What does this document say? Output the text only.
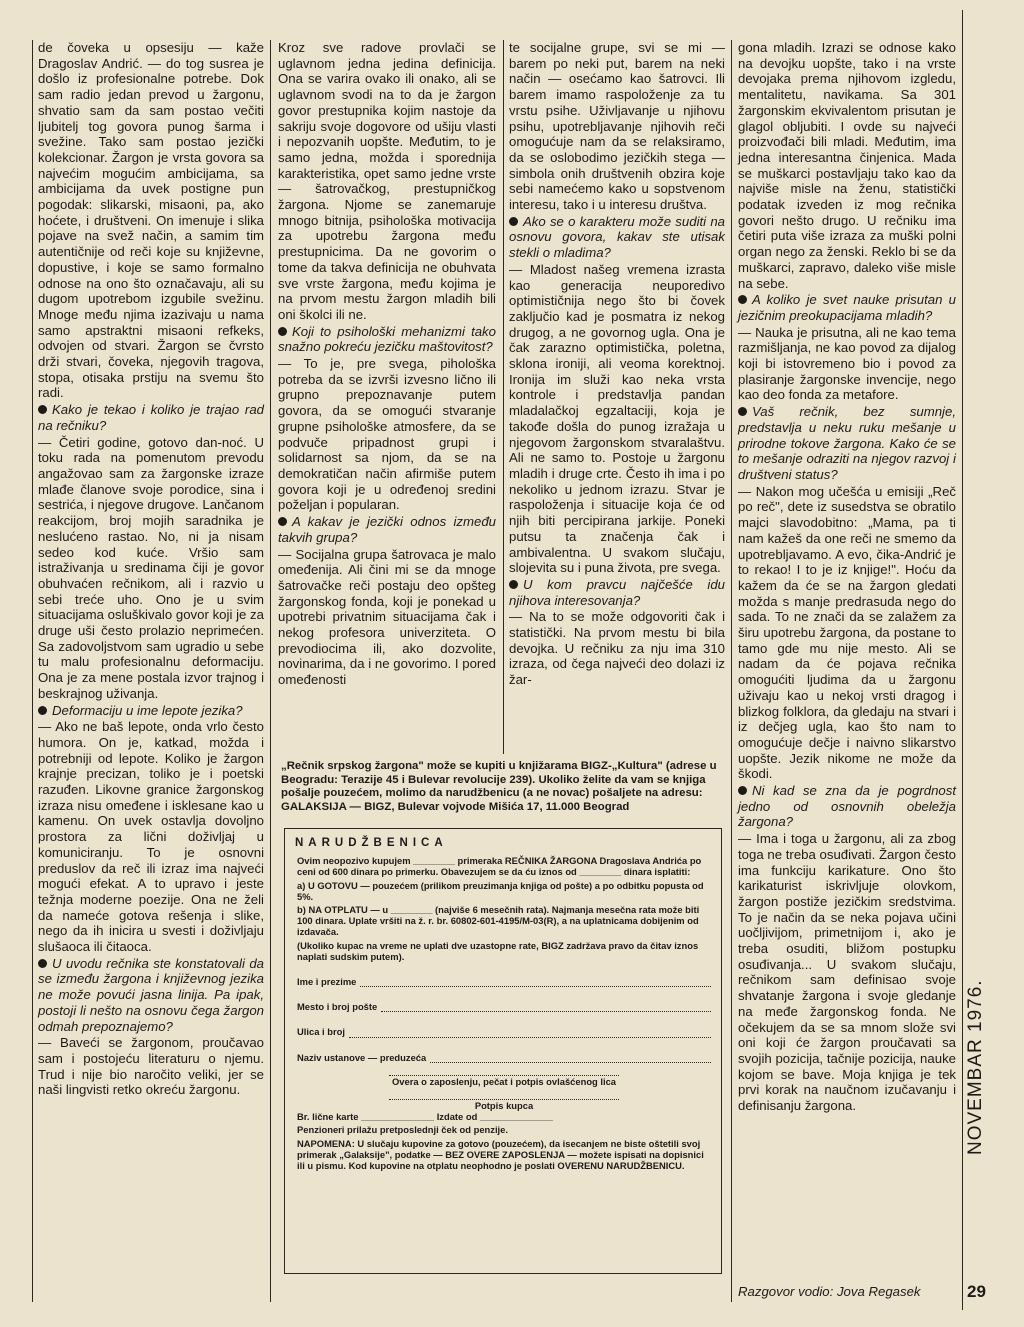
de čoveka u opsesiju — kaže Dragoslav Andrić. — do tog susrea je došlo iz profesionalne potrebe. Dok sam radio jedan prevod u žargonu, shvatio sam da sam postao večiti ljubitelj tog govora punog šarma i svežine. Tako sam postao jezički kolekcionar. Žargon je vrsta govora sa najvećim mogućim ambicijama, sa ambicijama da uvek postigne pun pogodak: slikarski, misaoni, pa, ako hoćete, i društveni. On imenuje i slika pojave na svež način, a samim tim autentičnije od reči koje su književne, dopustive, i koje se samo formalno odnose na ono što označavaju, ali su dugom upotrebom izgubile svežinu. Mnoge među njima izazivaju u nama samo apstraktni misaoni refkeks, odvojen od stvari. Žargon se čvrsto drži stvari, čoveka, njegovih tragova, stopa, otisaka prstiju na svemu što radi.

Kako je tekao i koliko je trajao rad na rečniku?

— Četiri godine, gotovo dan-noć. U toku rada na pomenutom prevodu angažovao sam za žargonske izraze mlađe članove svoje porodice, sina i sestrića, i njegove drugove. Lančanom reakcijom, broj mojih saradnika je neslućeno rastao. No, ni ja nisam sedeo kod kuće. Vršio sam istraživanja u sredinama čiji je govor obuhvaćen rečnikom, ali i razvio u sebi treće uho. Ono je u svim situacijama osluškivalo govor koji je za druge uši često prolazio neprimećen. Sa zadovoljstvom sam ugradio u sebe tu malu profesionalnu deformaciju. Ona je za mene postala izvor trajnog i beskrajnog uživanja.

Deformaciju u ime lepote jezika?

— Ako ne baš lepote, onda vrlo često humora. On je, katkad, možda i potrebniji od lepote. Koliko je žargon krajnje precizan, toliko je i poetski razuđen. Likovne granice žargonskog izraza nisu omeđene i isklesane kao u kamenu. On uvek ostavlja dovoljno prostora za lični doživljaj u komuniciranju. To je osnovni preduslov da reč ili izraz ima najveći mogući efekat. A to upravo i jeste težnja moderne poezije. Ona ne želi da nameće gotova rešenja i slike, nego da ih inicira u svesti i doživljaju slušaoca ili čitaoca.

U uvodu rečnika ste konstatovali da se između žargona i književnog jezika ne može povući jasna linija. Pa ipak, postoji li nešto na osnovu čega žargon odmah prepoznajemo?

— Baveći se žargonom, proučavao sam i postojeću literaturu o njemu. Trud i nije bio naročito veliki, jer se naši lingvisti retko okreću žargonu.

Kroz sve radove provlači se uglavnom jedna jedina definicija. Ona se varira ovako ili onako, ali se uglavnom svodi na to da je žargon govor prestupnika kojim nastoje da sakriju svoje dogovore od ušiju vlasti i nepozvanih uopšte. Međutim, to je samo jedna, možda i sporednija karakteristika, opet samo jedne vrste — šatrovačkog, prestupničkog žargona. Njome se zanemaruje mnogo bitnija, psihološka motivacija za upotrebu žargona među prestupnicima. Da ne govorim o tome da takva definicija ne obuhvata sve vrste žargona, među kojima je na prvom mestu žargon mladih bili oni školci ili ne.

Koji to psihološki mehanizmi tako snažno pokreću jezičku maštovitost?

— To je, pre svega, pihološka potreba da se izvrši izvesno lično ili grupno prepoznavanje putem govora, da se omogući stvaranje grupne psihološke atmosfere, da se podvuče pripadnost grupi i solidarnost sa njom, da se na demokratičan način afirmiše putem govora koji je u određenoj sredini poželjan i popularan.

A kakav je jezički odnos između takvih grupa?

— Socijalna grupa šatrovaca je malo omeđenija. Ali čini mi se da mnoge šatrovačke reči postaju deo opšteg žargonskog fonda, koji je ponekad u upotrebi privatnim situacijama čak i nekog profesora univerziteta. O prevodiocima ili, ako dozvolite, novinarima, da i ne govorimo. I pored omeđenosti

te socijalne grupe, svi se mi — barem po neki put, barem na neki način — osećamo kao šatrovci. Ili barem imamo raspoloženje za tu vrstu psihe. Uživljavanje u njihovu psihu, upotrebljavanje njihovih reči omogućuje nam da se relaksiramo, da se oslobodimo jezičkih stega — simbola onih društvenih obzira koje sebi namećemo kako u sopstvenom interesu, tako i u interesu društva.

Ako se o karakteru može suditi na osnovu govora, kakav ste utisak stekli o mladima?

— Mladost našeg vremena izrasta kao generacija neuporedivo optimističnija nego što bi čovek zaključio kad je posmatra iz nekog drugog, a ne govornog ugla. Ona je čak zarazno optimistička, poletna, sklona ironiji, ali veoma korektnoj. Ironija im služi kao neka vrsta kontrole i predstavlja pandan mladalačkoj egzaltaciji, koja je takođe došla do punog izražaja u njegovom žargonskom stvaralaštvu. Ali ne samo to. Postoje u žargonu mladih i druge crte. Često ih ima i po nekoliko u jednom izrazu. Stvar je raspoloženja i situacije koja će od njih biti percipirana jarkije. Poneki putsu ta značenja čak i ambivalentna. U svakom slučaju, slojevita su i puna života, pre svega.

U kom pravcu najčešće idu njihova interesovanja?

— Na to se može odgovoriti čak i statistički. Na prvom mestu bi bila devojka. U rečniku za nju ima 310 izraza, od čega najveći deo dolazi iz žar-

gona mladih. Izrazi se odnose kako na devojku uopšte, tako i na vrste devojaka prema njihovom izgledu, mentalitetu, navikama. Sa 301 žargonskim ekvivalentom prisutan je glagol obljubiti. I ovde su najveći proizvođači bili mladi. Međutim, ima jedna interesantna činjenica. Mada se muškarci postavljaju tako kao da najviše misle na ženu, statistički podatak izveden iz mog rečnika govori nešto drugo. U rečniku ima četiri puta više izraza za muški polni organ nego za ženski. Reklo bi se da muškarci, zapravo, daleko više misle na sebe.

A koliko je svet nauke prisutan u jezičnim preokupacijama mladih?

— Nauka je prisutna, ali ne kao tema razmišljanja, ne kao povod za dijalog koji bi istovremeno bio i povod za plasiranje žargonske invencije, nego kao deo fonda za metafore.

Vaš rečnik, bez sumnje, predstavlja u neku ruku mešanje u prirodne tokove žargona. Kako će se to mešanje odraziti na njegov razvoj i društveni status?

— Nakon mog učešća u emisiji „Reč po reč", dete iz susedstva se obratilo majci slavodobitno: „Mama, pa ti nam kažeš da one reči ne smemo da upotrebljavamo. A evo, čika-Andrić je to rekao! I to je iz knjige!". Hoću da kažem da će se na žargon gledati možda s manje predrasuda nego do sada. To ne znači da se zalažem za širu upotrebu žargona, da postane to tamo gde mu nije mesto. Ali se nadam da će pojava rečnika omogućiti ljudima da u žargonu uživaju kao u nekoj vrsti dragog i blizkog folklora, da gledaju na stvari i iz dečjeg ugla, kao što nam to omogućuje dečje i naivno slikarstvo uopšte. Jezik nikome ne može da škodi.

Ni kad se zna da je pogrdnost jedno od osnovnih obeležja žargona?

— Ima i toga u žargonu, ali za zbog toga ne treba osuđivati. Žargon često ima funkciju karikature. Ono što karikaturist iskrivljuje olovkom, žargon postiže jezičkim sredstvima. To je način da se neka pojava učini uočljivijom, primetnijom i, ako je treba osuditi, bližom postupku osuđivanja... U svakom slučaju, rečnikom sam definisao svoje shvatanje žargona i svoje gledanje na međe žargonskog fonda. Ne očekujem da se sa mnom slože svi oni koji će žargon proučavati sa svojih pozicija, tačnije pozicija, nauke kojom se bave. Moja knjiga je tek prvi korak na naučnom izučavanju i definisanju žargona.

„Rečnik srpskog žargona" može se kupiti u knjižarama BIGZ-„Kultura" (adrese u Beogradu: Terazije 45 i Bulevar revolucije 239). Ukoliko želite da vam se knjiga pošalje pouzećem, molimo da narudžbenicu (a ne novac) pošaljete na adresu: GALAKSIJA — BIGZ, Bulevar vojvode Mišića 17, 11.000 Beograd
NARUDŽBENICA

Ovim neopozivo kupujem ________ primeraka REČNIKA ŽARGONA Dragoslava Andrića po ceni od 600 dinara po primerku. Obavezujem se da ću iznos od ________ dinara isplatiti:

a) U GOTOVU — pouzećem (prilikom preuzimanja knjiga od pošte) a po odbitku popusta od 5%.

b) NA OTPLATU — u ________ (najviše 6 mesečnih rata). Najmanja mesečna rata može biti 100 dinara. Uplate vršiti na ž. r. br. 60802-601-4195/M-03(R), a na uplatnicama dobijenim od izdavača.

(Ukoliko kupac na vreme ne uplati dve uzastopne rate, BIGZ zadržava pravo da čitav iznos naplati sudskim putem).

Ime i prezime
Mesto i broj pošte
Ulica i broj
Naziv ustanove — preduzeća
Overa o zaposlenju, pečat i potpis ovlašćenog lica
Potpis kupca

Br. lične karte ______________ Izdate od ______________

Penzioneri prilažu pretposlednji ček od penzije.

NAPOMENA: U slučaju kupovine za gotovo (pouzećem), da isecanjem ne biste oštetili svoj primerak „Galaksije", podatke — BEZ OVERE ZAPOSLENJA — možete ispisati na dopisnici ili u pismu. Kod kupovine na otplatu neophodno je poslati OVERENU NARUDŽBENICU.

Razgovor vodio: Jova Regasek
NOVEMBAR 1976.
29
